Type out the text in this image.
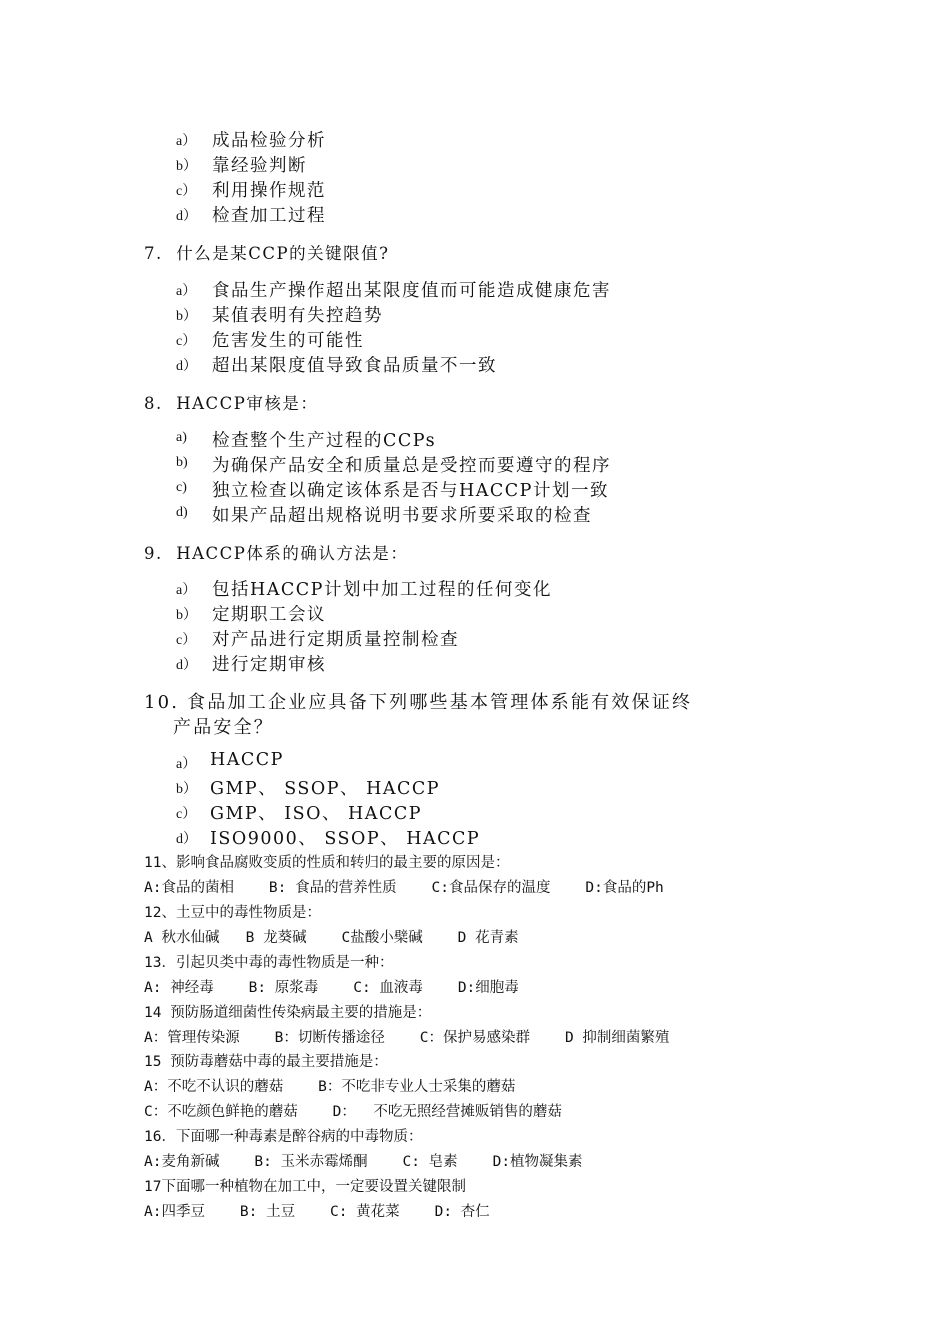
a） 成品检验分析
b） 靠经验判断
c） 利用操作规范
d） 检查加工过程
7.  什么是某CCP的关键限值?
a） 食品生产操作超出某限度值而可能造成健康危害
b） 某值表明有失控趋势
c） 危害发生的可能性
d） 超出某限度值导致食品质量不一致
8.  HACCP审核是：
a) 检查整个生产过程的CCPs
b) 为确保产品安全和质量总是受控而要遵守的程序
c) 独立检查以确定该体系是否与HACCP计划一致
d) 如果产品超出规格说明书要求所要采取的检查
9.  HACCP体系的确认方法是：
a） 包括HACCP计划中加工过程的任何变化
b） 定期职工会议
c） 对产品进行定期质量控制检查
d） 进行定期审核
10. 食品加工企业应具备下列哪些基本管理体系能有效保证终
产品安全？
a） HACCP
b） GMP、 SSOP、 HACCP
c） GMP、 ISO、 HACCP
d） ISO9000、 SSOP、 HACCP
11、影响食品腐败变质的性质和转归的最主要的原因是：
A:食品的菌相    B: 食品的营养性质    C:食品保存的温度    D:食品的Ph
12、土豆中的毒性物质是：
A 秋水仙碱   B 龙葵碱    C盐酸小檗碱    D 花青素
13．引起贝类中毒的毒性物质是一种：
A: 神经毒    B: 原浆毒    C: 血液毒    D:细胞毒
14 预防肠道细菌性传染病最主要的措施是：
A：管理传染源    B：切断传播途径    C：保护易感染群    D 抑制细菌繁殖
15 预防毒蘑菇中毒的最主要措施是：
A：不吃不认识的蘑菇    B：不吃非专业人士采集的蘑菇
C：不吃颜色鲜艳的蘑菇    D：  不吃无照经营摊贩销售的蘑菇
16．下面哪一种毒素是醉谷病的中毒物质：
A:麦角新碱    B: 玉米赤霉烯酮    C: 皂素    D:植物凝集素
17下面哪一种植物在加工中，一定要设置关键限制
A:四季豆    B: 土豆    C: 黄花菜    D: 杏仁
